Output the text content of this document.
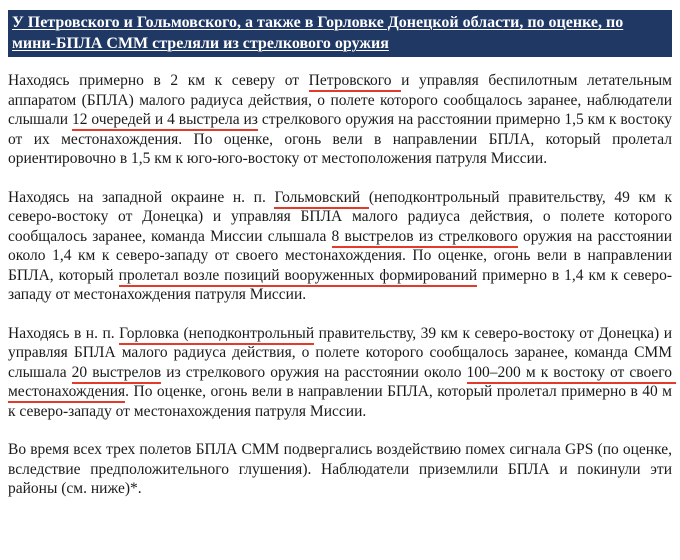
У Петровского и Гольмовского, а также в Горловке Донецкой области, по оценке, по мини-БПЛА СММ стреляли из стрелкового оружия

Находясь примерно в 2 км к северу от Петровского и управляя беспилотным летательным аппаратом (БПЛА) малого радиуса действия, о полете которого сообщалось заранее, наблюдатели слышали 12 очередей и 4 выстрела из стрелкового оружия на расстоянии примерно 1,5 км к востоку от их местонахождения. По оценке, огонь вели в направлении БПЛА, который пролетал ориентировочно в 1,5 км к юго-юго-востоку от местоположения патруля Миссии.

Находясь на западной окраине н. п. Гольмовский (неподконтрольный правительству, 49 км к северо-востоку от Донецка) и управляя БПЛА малого радиуса действия, о полете которого сообщалось заранее, команда Миссии слышала 8 выстрелов из стрелкового оружия на расстоянии около 1,4 км к северо-западу от своего местонахождения. По оценке, огонь вели в направлении БПЛА, который пролетал возле позиций вооруженных формирований примерно в 1,4 км к северо-западу от местонахождения патруля Миссии.

Находясь в н. п. Горловка (неподконтрольный правительству, 39 км к северо-востоку от Донецка) и управляя БПЛА малого радиуса действия, о полете которого сообщалось заранее, команда СММ слышала 20 выстрелов из стрелкового оружия на расстоянии около 100–200 м к востоку от своего местонахождения. По оценке, огонь вели в направлении БПЛА, который пролетал примерно в 40 м к северо-западу от местонахождения патруля Миссии.

Во время всех трех полетов БПЛА СММ подвергались воздействию помех сигнала GPS (по оценке, вследствие предположительного глушения). Наблюдатели приземлили БПЛА и покинули эти районы (см. ниже)*.
